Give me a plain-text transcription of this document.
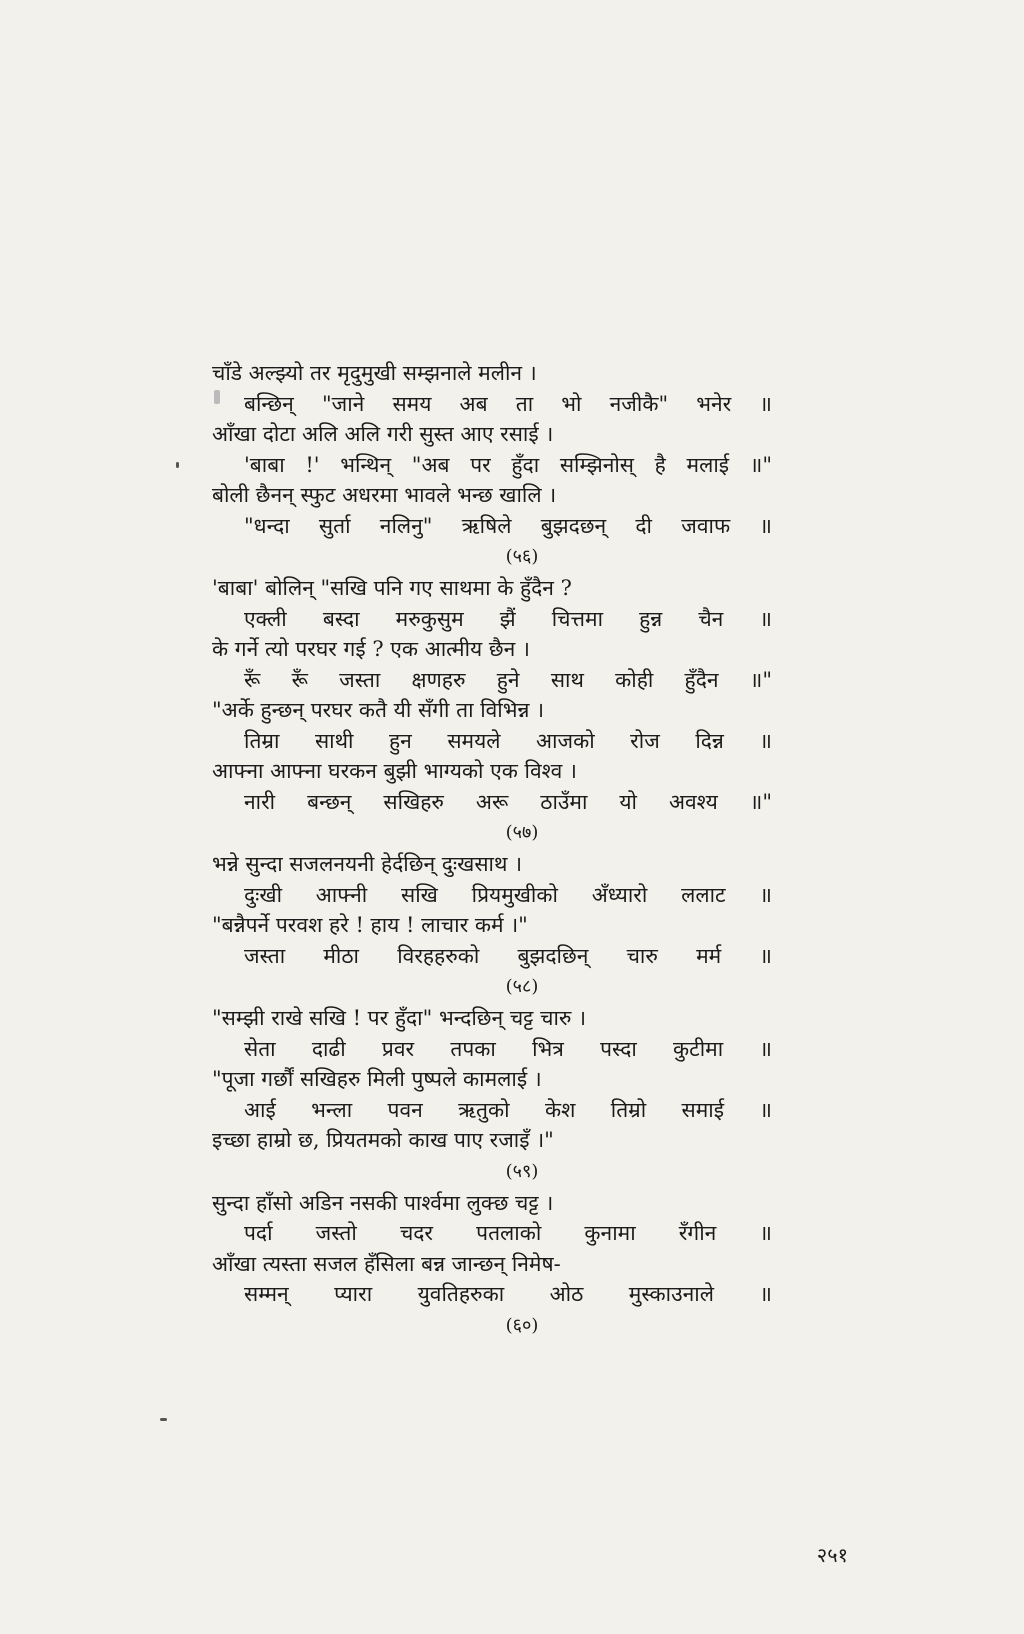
चाँडे अल्झ्यो तर मृदुमुखी सम्झनाले मलीन ।
बन्छिन् "जाने समय अब ता भो नजीकै" भनेर ॥
आँखा दोटा अलि अलि गरी सुस्त आए रसाई ।
'बाबा !' भन्थिन् "अब पर हुँदा सम्झिनोस् है मलाई ॥"
बोली छैनन् स्फुट अधरमा भावले भन्छ खालि ।
"धन्दा सुर्ता नलिनु" ऋषिले बुझदछन् दी जवाफ ॥
(५६)
'बाबा' बोलिन् "सखि पनि गए साथमा के हुँदैन ?
एक्ली बस्दा मरुकुसुम झैं चित्तमा हुन्न चैन ॥
के गर्ने त्यो परघर गई ? एक आत्मीय छैन ।
रूँ रूँ जस्ता क्षणहरु हुने साथ कोही हुँदैन ॥"
"अर्के हुन्छन् परघर कतै यी सँगी ता विभिन्न ।
तिम्रा साथी हुन समयले आजको रोज दिन्न ॥
आफ्ना आफ्ना घरकन बुझी भाग्यको एक विश्व ।
नारी बन्छन् सखिहरु अरू ठाउँमा यो अवश्य ॥"
(५७)
भन्ने सुन्दा सजलनयनी हेर्दछिन् दुःखसाथ ।
दुःखी आफ्नी सखि प्रियमुखीको अँध्यारो ललाट ॥
"बन्नैपर्ने परवश हरे ! हाय ! लाचार कर्म ।"
जस्ता मीठा विरहहरुको बुझदछिन् चारु मर्म ॥
(५८)
"सम्झी राखे सखि ! पर हुँदा" भन्दछिन् चट्ट चारु ।
सेता दाढी प्रवर तपका भित्र पस्दा कुटीमा ॥
"पूजा गर्छौं सखिहरु मिली पुष्पले कामलाई ।
आई भन्ला पवन ऋतुको केश तिम्रो समाई ॥
इच्छा हाम्रो छ, प्रियतमको काख पाए रजाइँ ।"
(५९)
सुन्दा हाँसो अडिन नसकी पार्श्वमा लुक्छ चट्ट ।
पर्दा जस्तो चदर पतलाको कुनामा रँगीन ॥
आँखा त्यस्ता सजल हँसिला बन्न जान्छन् निमेष-
सम्मन् प्यारा युवतिहरुका ओठ मुस्काउनाले ॥
(६०)
२५१
